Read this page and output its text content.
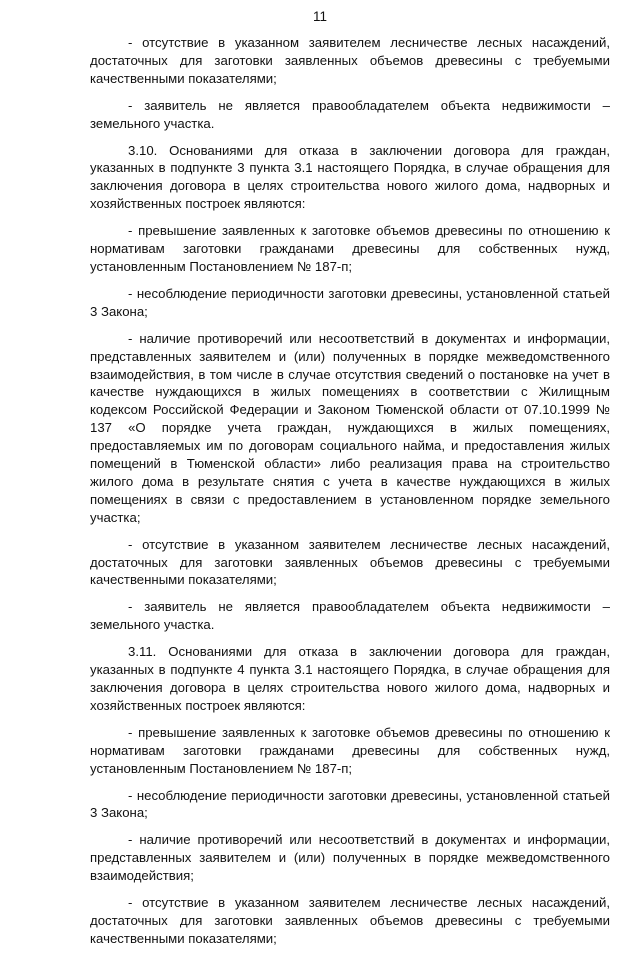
11

- отсутствие в указанном заявителем лесничестве лесных насаждений, достаточных для заготовки заявленных объемов древесины с требуемыми качественными показателями;

- заявитель не является правообладателем объекта недвижимости – земельного участка.

3.10. Основаниями для отказа в заключении договора для граждан, указанных в подпункте 3 пункта 3.1 настоящего Порядка, в случае обращения для заключения договора в целях строительства нового жилого дома, надворных и хозяйственных построек являются:

- превышение заявленных к заготовке объемов древесины по отношению к нормативам заготовки гражданами древесины для собственных нужд, установленным Постановлением № 187-п;

- несоблюдение периодичности заготовки древесины, установленной статьей 3 Закона;

- наличие противоречий или несоответствий в документах и информации, представленных заявителем и (или) полученных в порядке межведомственного взаимодействия, в том числе в случае отсутствия сведений о постановке на учет в качестве нуждающихся в жилых помещениях в соответствии с Жилищным кодексом Российской Федерации и Законом Тюменской области от 07.10.1999 № 137 «О порядке учета граждан, нуждающихся в жилых помещениях, предоставляемых им по договорам социального найма, и предоставления жилых помещений в Тюменской области» либо реализация права на строительство жилого дома в результате снятия с учета в качестве нуждающихся в жилых помещениях в связи с предоставлением в установленном порядке земельного участка;

- отсутствие в указанном заявителем лесничестве лесных насаждений, достаточных для заготовки заявленных объемов древесины с требуемыми качественными показателями;

- заявитель не является правообладателем объекта недвижимости – земельного участка.

3.11. Основаниями для отказа в заключении договора для граждан, указанных в подпункте 4 пункта 3.1 настоящего Порядка, в случае обращения для заключения договора в целях строительства нового жилого дома, надворных и хозяйственных построек являются:

- превышение заявленных к заготовке объемов древесины по отношению к нормативам заготовки гражданами древесины для собственных нужд, установленным Постановлением № 187-п;

- несоблюдение периодичности заготовки древесины, установленной статьей 3 Закона;

- наличие противоречий или несоответствий в документах и информации, представленных заявителем и (или) полученных в порядке межведомственного взаимодействия;

- отсутствие в указанном заявителем лесничестве лесных насаждений, достаточных для заготовки заявленных объемов древесины с требуемыми качественными показателями;
